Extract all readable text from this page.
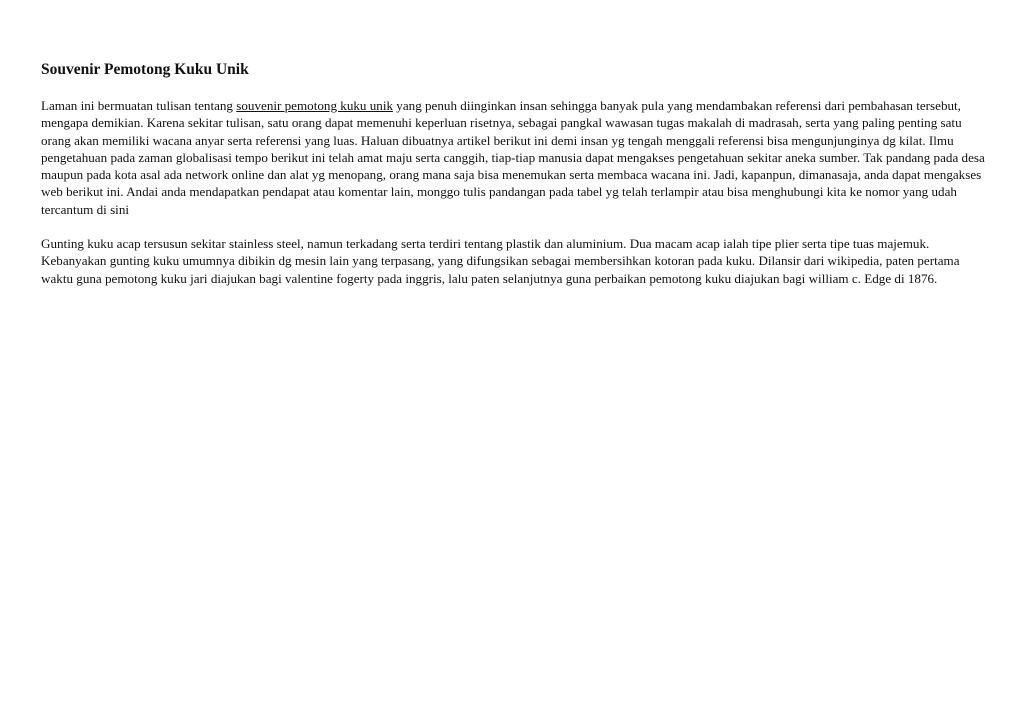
Souvenir Pemotong Kuku Unik

Laman ini bermuatan tulisan tentang souvenir pemotong kuku unik yang penuh diinginkan insan sehingga banyak pula yang mendambakan referensi dari pembahasan tersebut, mengapa demikian. Karena sekitar tulisan, satu orang dapat memenuhi keperluan risetnya, sebagai pangkal wawasan tugas makalah di madrasah, serta yang paling penting satu orang akan memiliki wacana anyar serta referensi yang luas. Haluan dibuatnya artikel berikut ini demi insan yg tengah menggali referensi bisa mengunjunginya dg kilat. Ilmu pengetahuan pada zaman globalisasi tempo berikut ini telah amat maju serta canggih, tiap-tiap manusia dapat mengakses pengetahuan sekitar aneka sumber. Tak pandang pada desa maupun pada kota asal ada network online dan alat yg menopang, orang mana saja bisa menemukan serta membaca wacana ini. Jadi, kapanpun, dimanasaja, anda dapat mengakses web berikut ini. Andai anda mendapatkan pendapat atau komentar lain, monggo tulis pandangan pada tabel yg telah terlampir atau bisa menghubungi kita ke nomor yang udah tercantum di sini

Gunting kuku acap tersusun sekitar stainless steel, namun terkadang serta terdiri tentang plastik dan aluminium. Dua macam acap ialah tipe plier serta tipe tuas majemuk. Kebanyakan gunting kuku umumnya dibikin dg mesin lain yang terpasang, yang difungsikan sebagai membersihkan kotoran pada kuku. Dilansir dari wikipedia, paten pertama waktu guna pemotong kuku jari diajukan bagi valentine fogerty pada inggris, lalu paten selanjutnya guna perbaikan pemotong kuku diajukan bagi william c. Edge di 1876.
